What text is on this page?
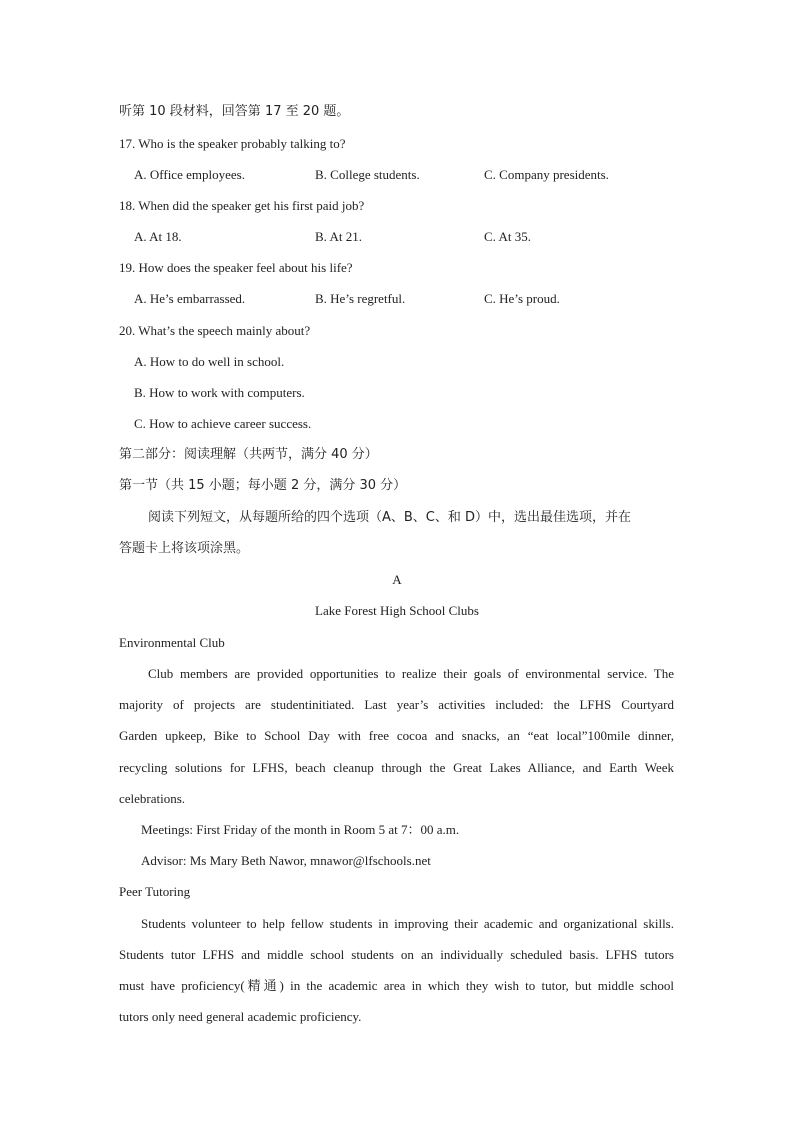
听第 10 段材料，回答第 17 至 20 题。
17. Who is the speaker probably talking to?
A. Office employees.	B. College students.	C. Company presidents.
18. When did the speaker get his first paid job?
A. At 18.	B. At 21.	C. At 35.
19. How does the speaker feel about his life?
A. He’s embarrassed.	B. He’s regretful.	C. He’s proud.
20. What’s the speech mainly about?
A. How to do well in school.
B. How to work with computers.
C. How to achieve career success.
第二部分：阅读理解（共两节，满分 40 分）
第一节（共 15 小题；每小题 2 分，满分 30 分）
阅读下列短文，从每题所给的四个选项（A、B、C、和 D）中，选出最佳选项，并在
答题卡上将该项涂黑。
A
Lake Forest High School Clubs
Environmental Club
Club members are provided opportunities to realize their goals of environmental service. The
majority of projects are studentinitiated. Last year’s activities included: the LFHS Courtyard
Garden upkeep, Bike to School Day with free cocoa and snacks, an “eat local”100mile dinner,
recycling solutions for LFHS, beach cleanup through the Great Lakes Alliance, and Earth Week
celebrations.
Meetings: First Friday of the month in Room 5 at 7：00 a.m.
Advisor: Ms Mary Beth Nawor, mnawor@lfschools.net
Peer Tutoring
Students volunteer to help fellow students in improving their academic and organizational skills.
Students tutor LFHS and middle school students on an individually scheduled basis. LFHS tutors
must have proficiency(精通) in the academic area in which they wish to tutor, but middle school
tutors only need general academic proficiency.
